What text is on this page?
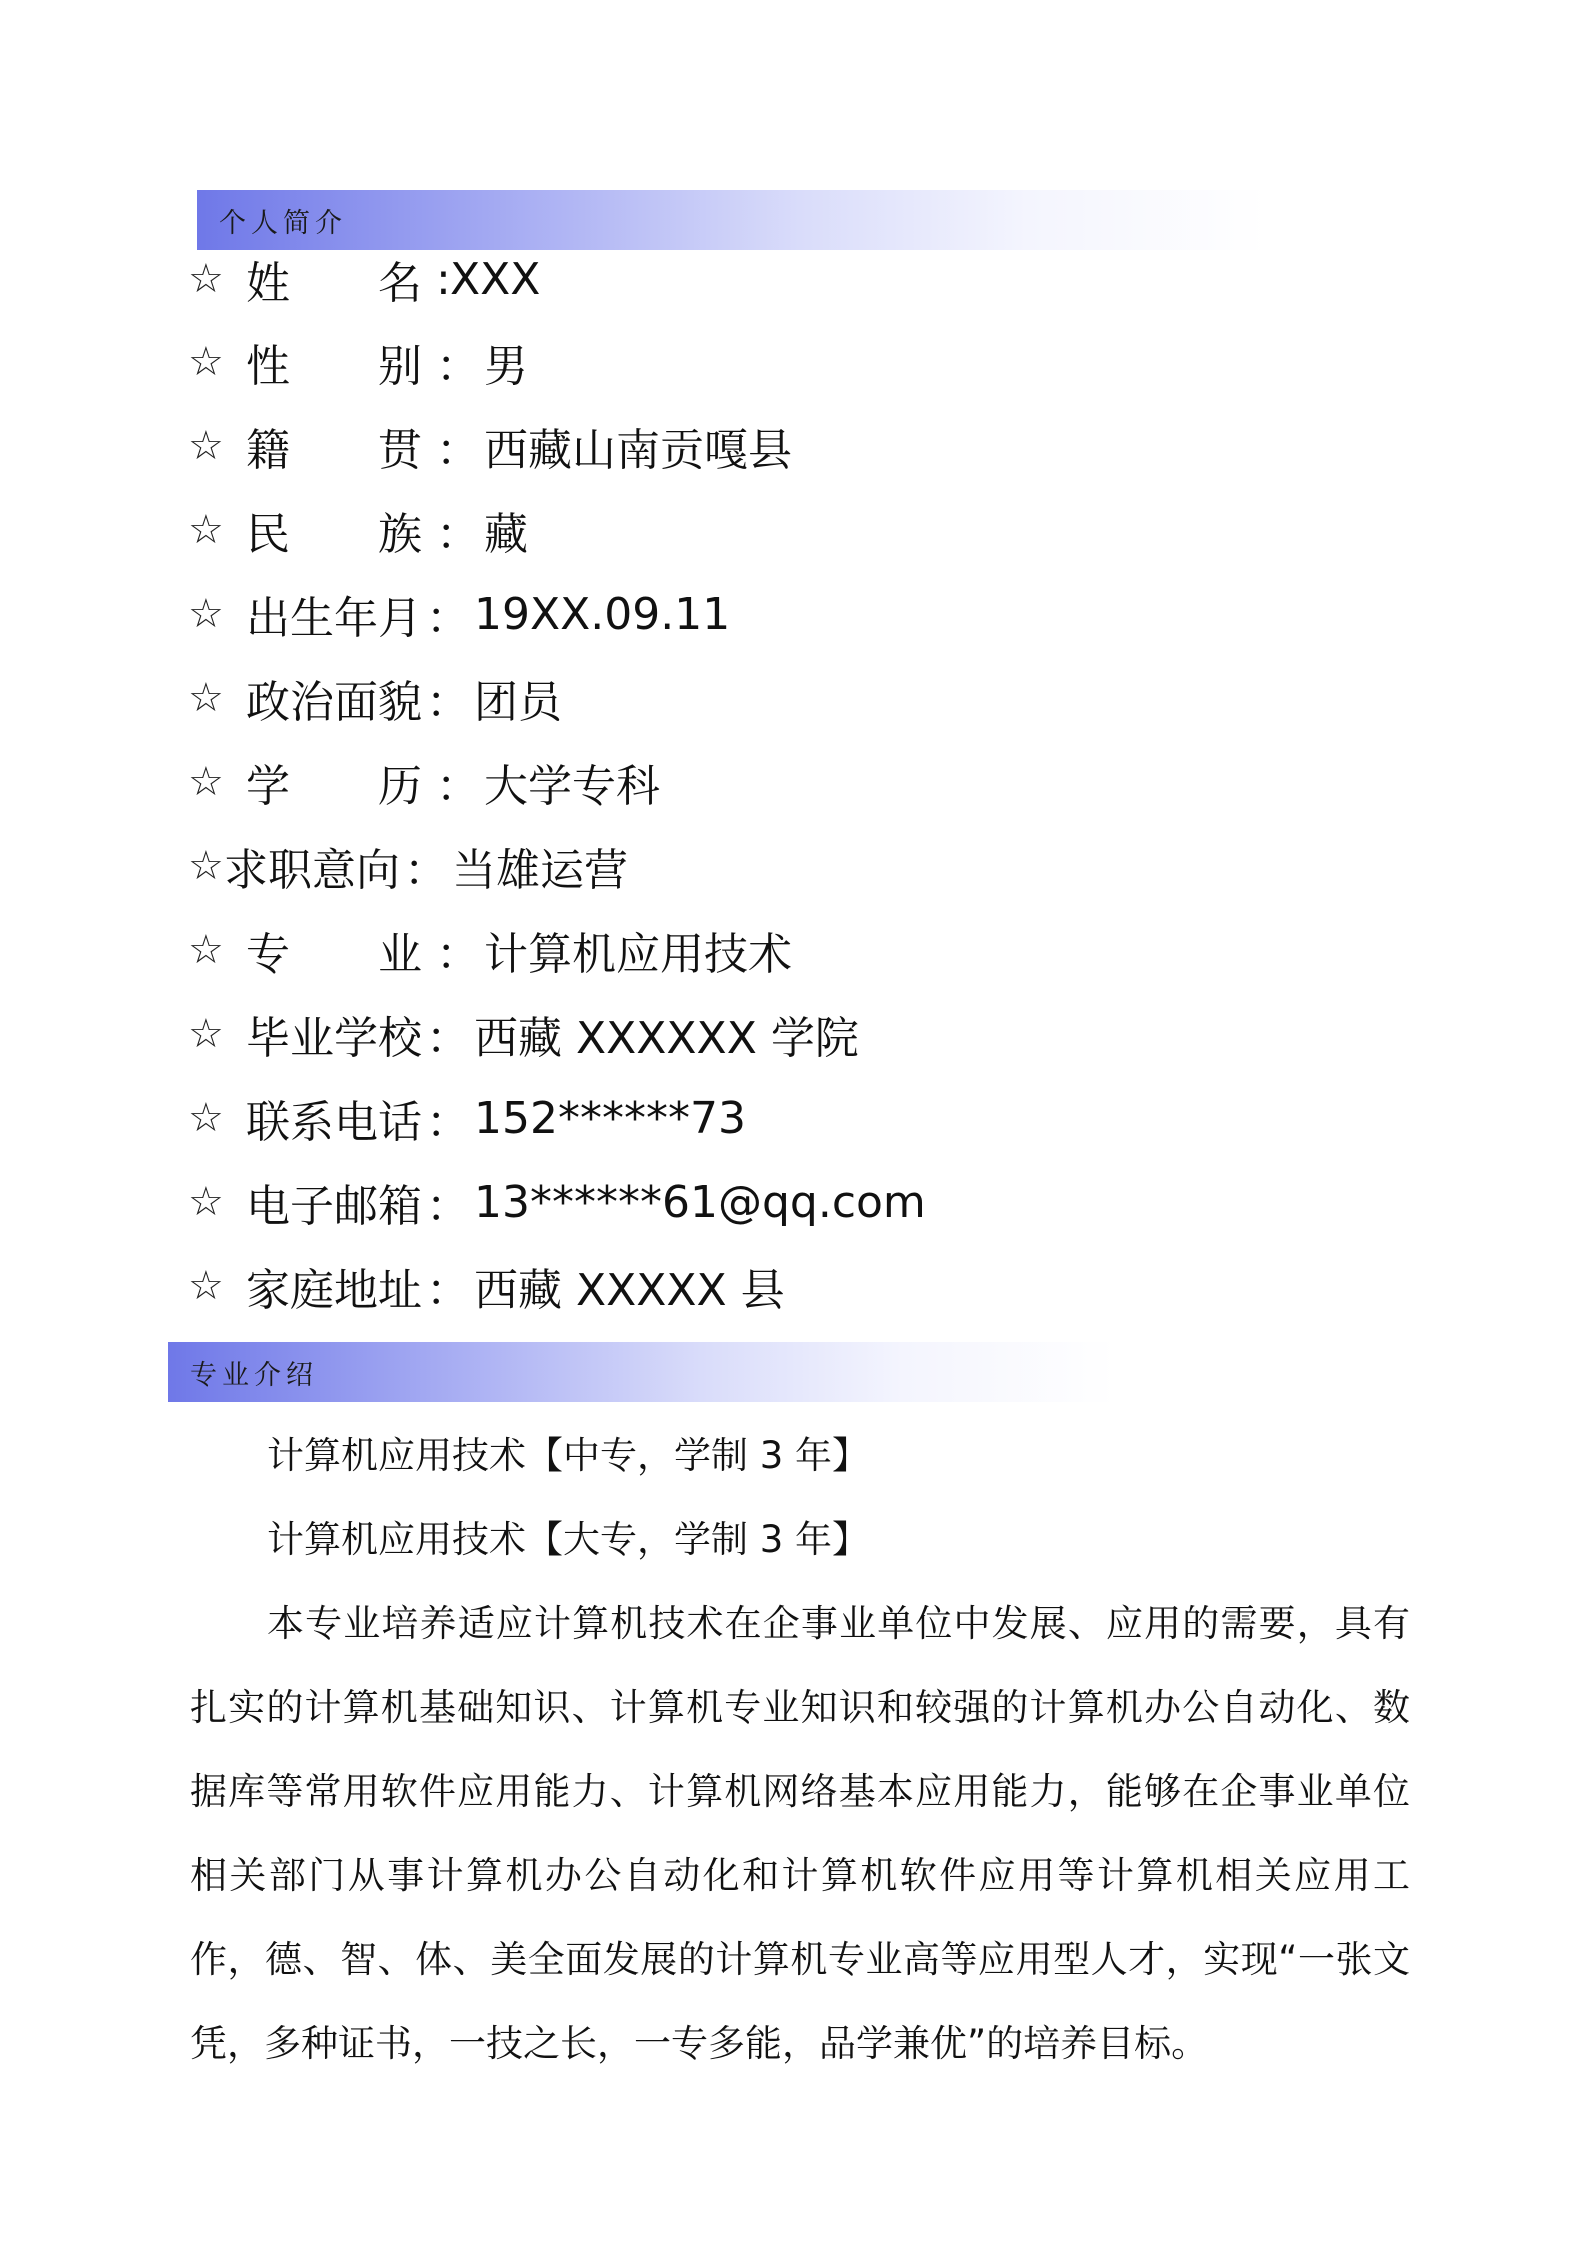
个人简介
☆ 姓　　名 : XXX
☆ 性　　别 ： 男
☆ 籍　　贯 ： 西藏山南贡嘎县
☆ 民　　族 ： 藏
☆ 出生年月 ： 19XX.09.11
☆ 政治面貌 ： 团员
☆ 学　　历 ： 大学专科
☆ 求职意向 ： 当雄运营
☆ 专　　业 ： 计算机应用技术
☆ 毕业学校 ： 西藏 XXXXXX 学院
☆ 联系电话 ： 152******73
☆ 电子邮箱 ： 13******61@qq.com
☆ 家庭地址 ： 西藏 XXXXX 县
专业介绍
计算机应用技术【中专，学制 3 年】
计算机应用技术【大专，学制 3 年】
本专业培养适应计算机技术在企事业单位中发展、应用的需要，具有扎实的计算机基础知识、计算机专业知识和较强的计算机办公自动化、数据库等常用软件应用能力、计算机网络基本应用能力，能够在企事业单位相关部门从事计算机办公自动化和计算机软件应用等计算机相关应用工作，德、智、体、美全面发展的计算机专业高等应用型人才，实现“一张文凭，多种证书，一技之长，一专多能，品学兼优”的培养目标。
